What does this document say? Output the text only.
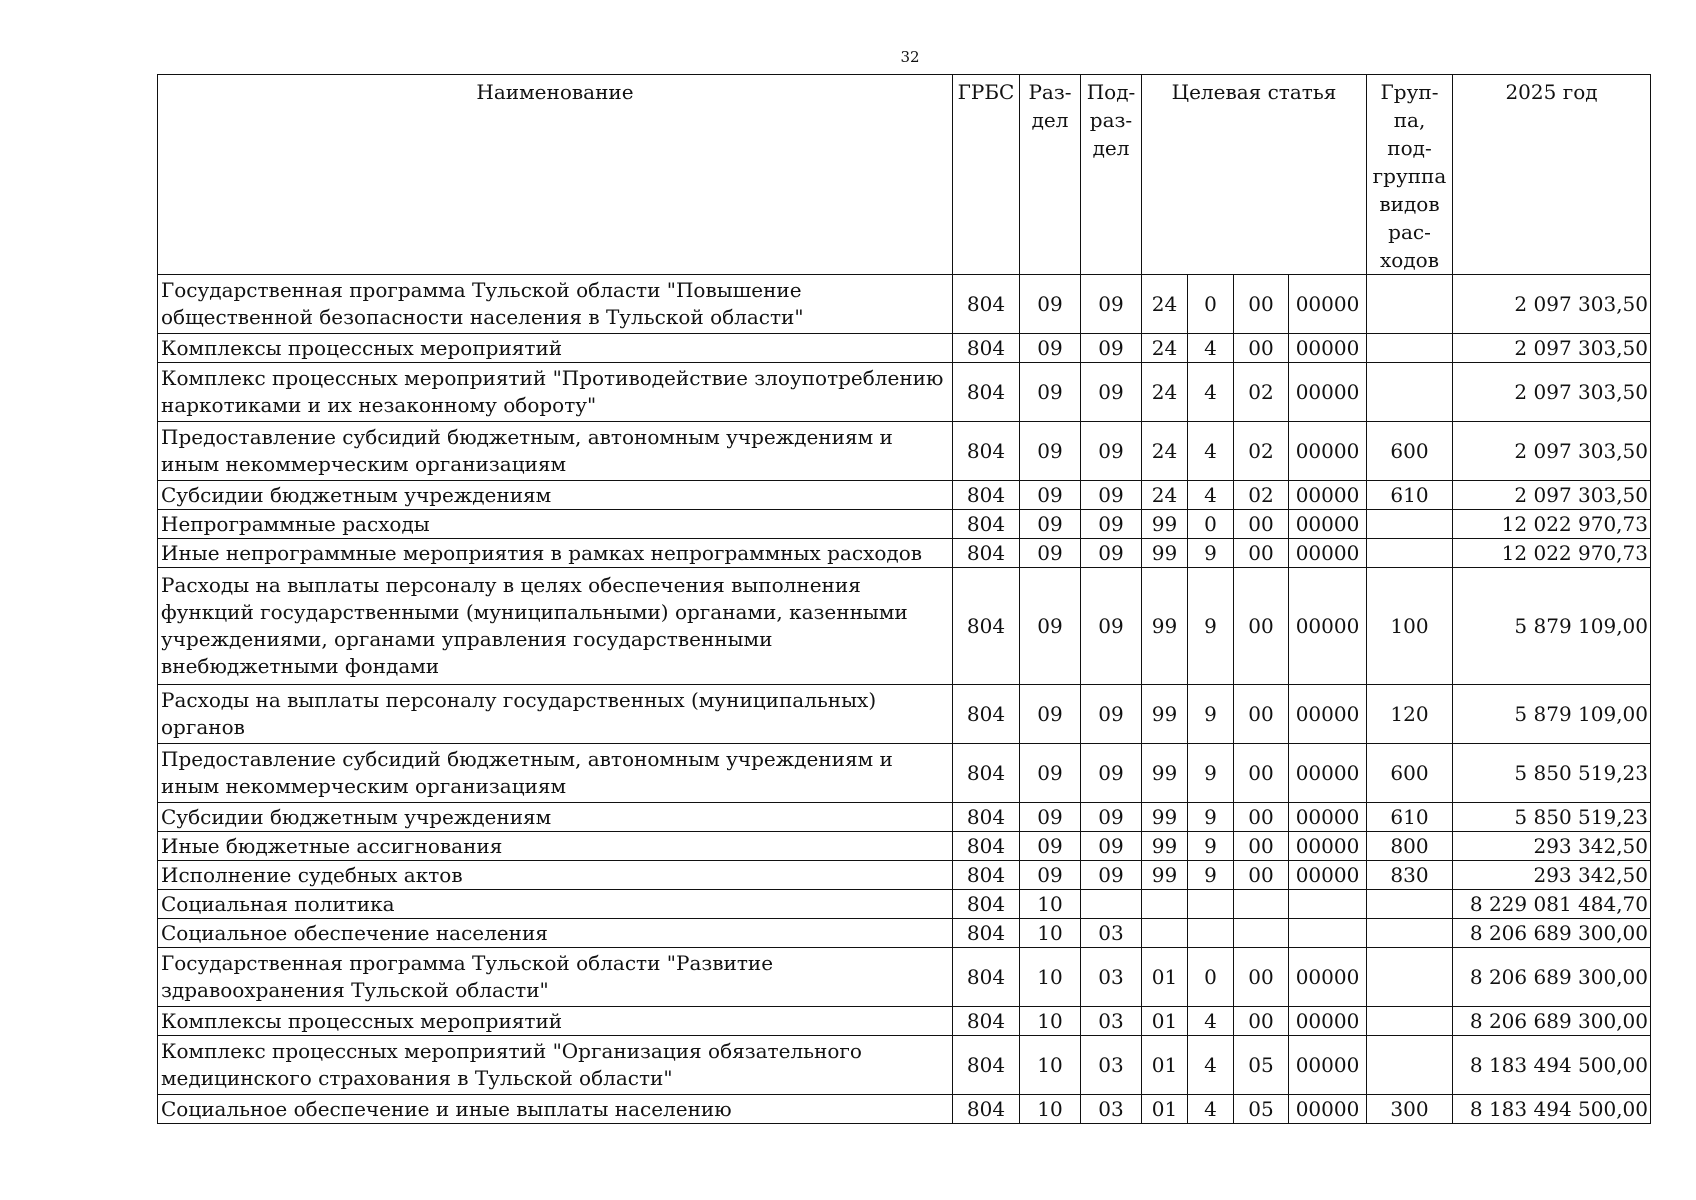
32
Наименование	ГРБС	Раз- дел	Под- раз- дел	Целевая статья				Груп- па, под- группа видов рас- ходов	2025 год
Государственная программа Тульской области "Повышение общественной безопасности населения в Тульской области"	804	09	09	24	0	00	00000		2 097 303,50
Комплексы процессных мероприятий	804	09	09	24	4	00	00000		2 097 303,50
Комплекс процессных мероприятий "Противодействие злоупотреблению наркотиками и их незаконному обороту"	804	09	09	24	4	02	00000		2 097 303,50
Предоставление субсидий бюджетным, автономным учреждениям и иным некоммерческим организациям	804	09	09	24	4	02	00000	600	2 097 303,50
Субсидии бюджетным учреждениям	804	09	09	24	4	02	00000	610	2 097 303,50
Непрограммные расходы	804	09	09	99	0	00	00000		12 022 970,73
Иные непрограммные мероприятия в рамках непрограммных расходов	804	09	09	99	9	00	00000		12 022 970,73
Расходы на выплаты персоналу в целях обеспечения выполнения функций государственными (муниципальными) органами, казенными учреждениями, органами управления государственными внебюджетными фондами	804	09	09	99	9	00	00000	100	5 879 109,00
Расходы на выплаты персоналу государственных (муниципальных) органов	804	09	09	99	9	00	00000	120	5 879 109,00
Предоставление субсидий бюджетным, автономным учреждениям и иным некоммерческим организациям	804	09	09	99	9	00	00000	600	5 850 519,23
Субсидии бюджетным учреждениям	804	09	09	99	9	00	00000	610	5 850 519,23
Иные бюджетные ассигнования	804	09	09	99	9	00	00000	800	293 342,50
Исполнение судебных актов	804	09	09	99	9	00	00000	830	293 342,50
Социальная политика	804	10							8 229 081 484,70
Социальное обеспечение населения	804	10	03						8 206 689 300,00
Государственная программа Тульской области "Развитие здравоохранения Тульской области"	804	10	03	01	0	00	00000		8 206 689 300,00
Комплексы процессных мероприятий	804	10	03	01	4	00	00000		8 206 689 300,00
Комплекс процессных мероприятий "Организация обязательного медицинского страхования в Тульской области"	804	10	03	01	4	05	00000		8 183 494 500,00
Социальное обеспечение и иные выплаты населению	804	10	03	01	4	05	00000	300	8 183 494 500,00
